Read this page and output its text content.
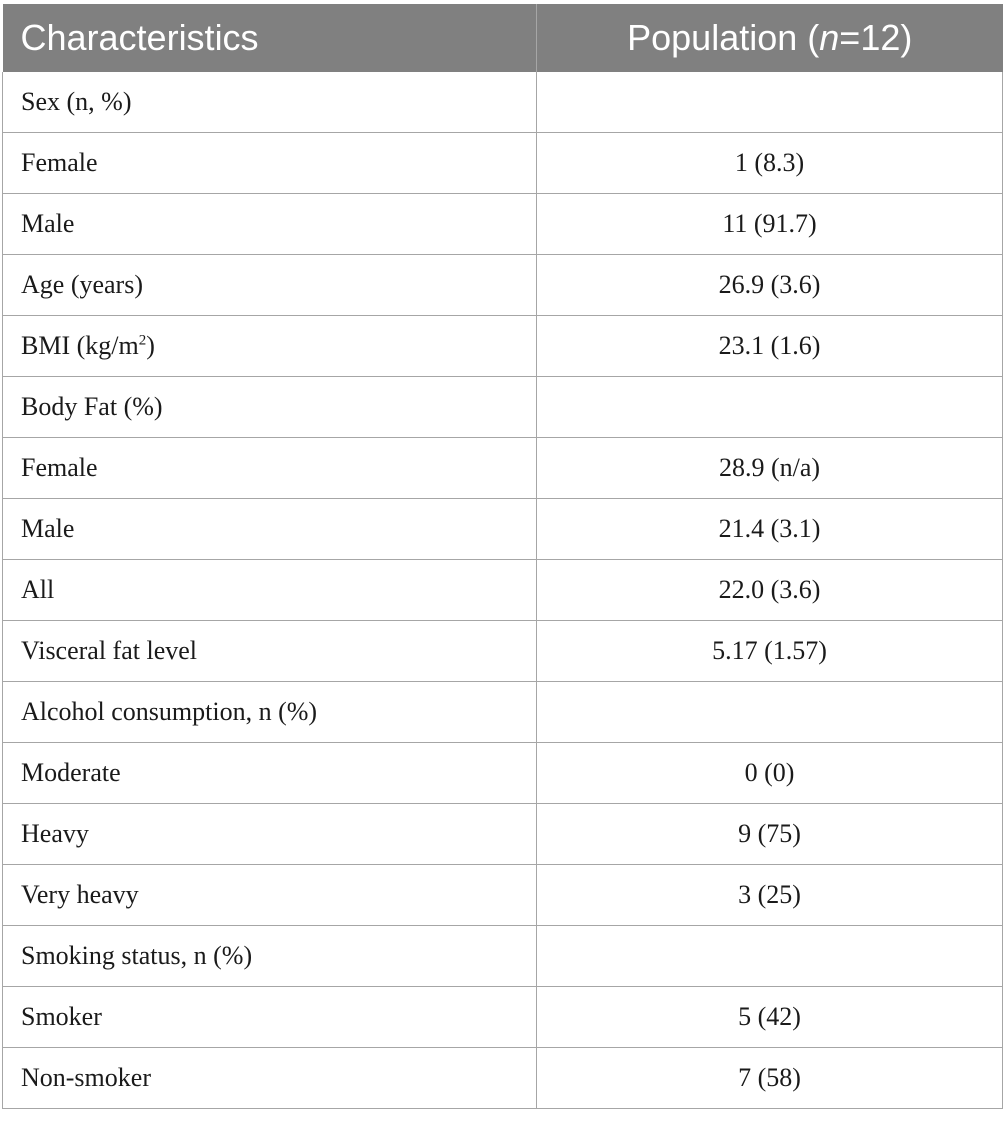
Characteristics	Population (n=12)
Sex (n, %)	
Female	1 (8.3)
Male	11 (91.7)
Age (years)	26.9 (3.6)
BMI $(kg/m^2)$	23.1 (1.6)
Body Fat (%)	
Female	28.9 (n/a)
Male	21.4 (3.1)
All	22.0 (3.6)
Visceral fat level	5.17 (1.57)
Alcohol consumption, n (%)	
Moderate	0 (0)
Heavy	9 (75)
Very heavy	3 (25)
Smoking status, n (%)	
Smoker	5 (42)
Non-smoker	7 (58)
